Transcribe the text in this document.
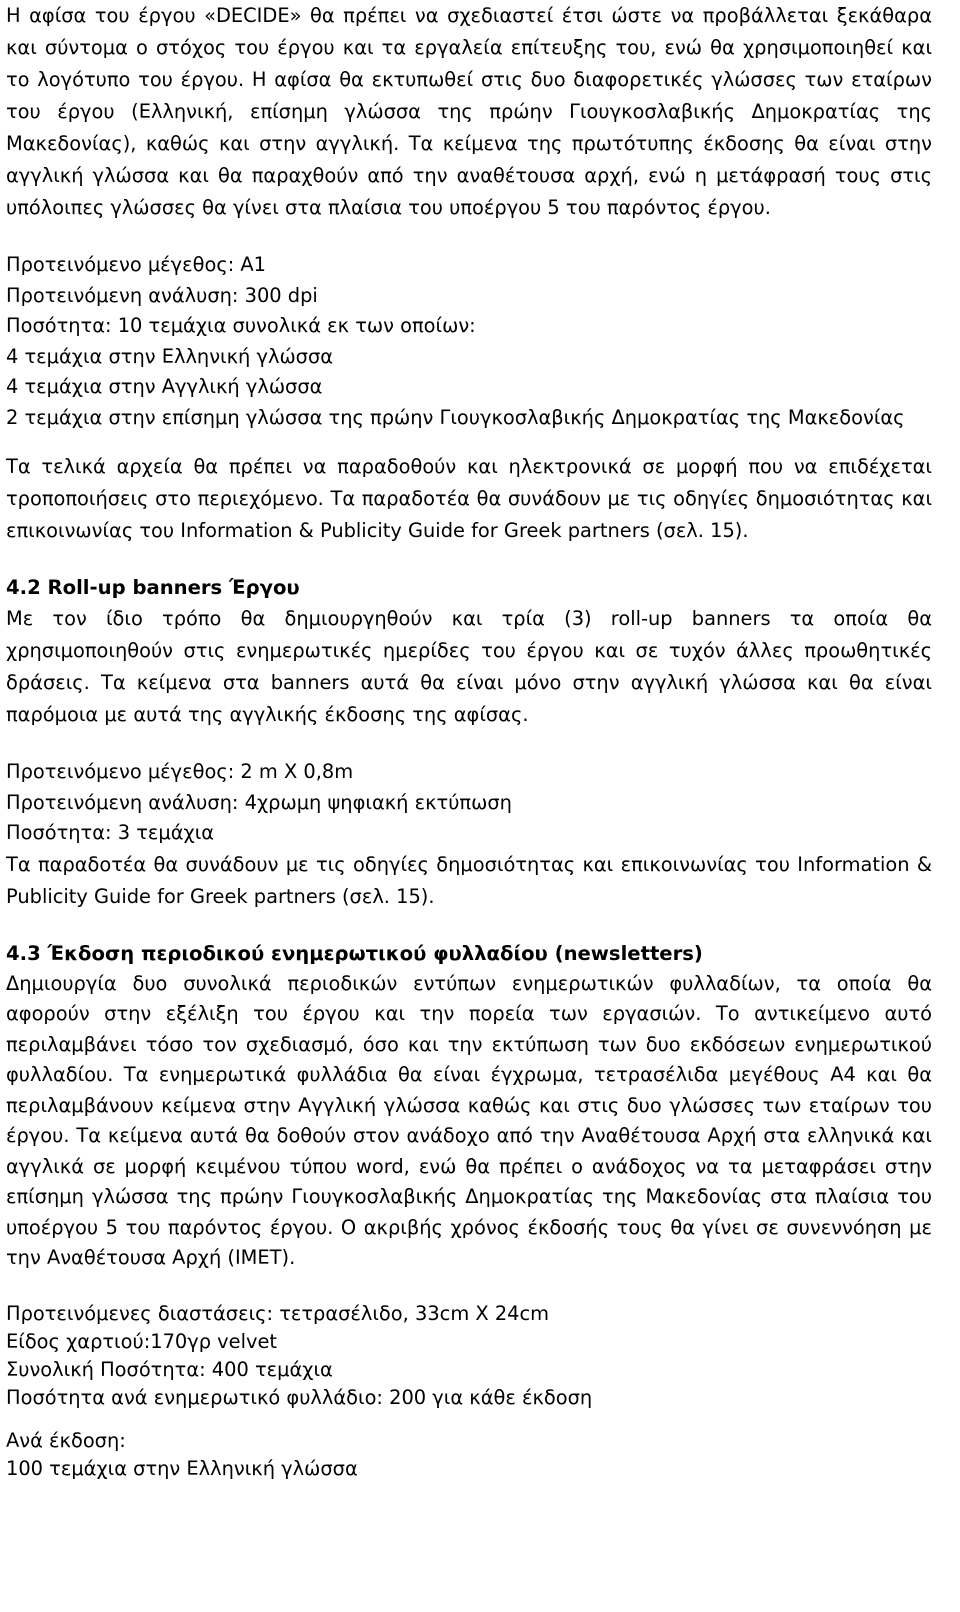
Η αφίσα του έργου «DECIDE» θα πρέπει να σχεδιαστεί έτσι ώστε να προβάλλεται ξεκάθαρα και σύντομα ο στόχος του έργου και τα εργαλεία επίτευξης του, ενώ θα χρησιμοποιηθεί και το λογότυπο του έργου. Η αφίσα θα εκτυπωθεί στις δυο διαφορετικές γλώσσες των εταίρων του έργου (Ελληνική, επίσημη γλώσσα της πρώην Γιουγκοσλαβικής Δημοκρατίας της Μακεδονίας), καθώς και στην αγγλική. Τα κείμενα της πρωτότυπης έκδοσης θα είναι στην αγγλική γλώσσα και θα παραχθούν από την αναθέτουσα αρχή, ενώ η μετάφρασή τους στις υπόλοιπες γλώσσες θα γίνει στα πλαίσια του υποέργου 5 του παρόντος έργου.

Προτεινόμενο μέγεθος: Α1

Προτεινόμενη ανάλυση: 300 dpi

Ποσότητα: 10 τεμάχια συνολικά εκ των οποίων:

4 τεμάχια στην Ελληνική γλώσσα

4 τεμάχια στην Αγγλική γλώσσα

2 τεμάχια στην επίσημη γλώσσα της πρώην Γιουγκοσλαβικής Δημοκρατίας της Μακεδονίας

Τα τελικά αρχεία θα πρέπει να παραδοθούν και ηλεκτρονικά σε μορφή που να επιδέχεται τροποποιήσεις στο περιεχόμενο. Τα παραδοτέα θα συνάδουν με τις οδηγίες δημοσιότητας και επικοινωνίας του Information & Publicity Guide for Greek partners (σελ. 15).

4.2 Roll-up banners Έργου

Με τον ίδιο τρόπο θα δημιουργηθούν και τρία (3) roll-up banners τα οποία θα χρησιμοποιηθούν στις ενημερωτικές ημερίδες του έργου και σε τυχόν άλλες προωθητικές δράσεις. Τα κείμενα στα banners αυτά θα είναι μόνο στην αγγλική γλώσσα και θα είναι παρόμοια με αυτά της αγγλικής έκδοσης της αφίσας.

Προτεινόμενο μέγεθος: 2 m X 0,8m

Προτεινόμενη ανάλυση: 4χρωμη ψηφιακή εκτύπωση

Ποσότητα: 3 τεμάχια

Τα παραδοτέα θα συνάδουν με τις οδηγίες δημοσιότητας και επικοινωνίας του Information & Publicity Guide for Greek partners (σελ. 15).

4.3 Έκδοση περιοδικού ενημερωτικού φυλλαδίου (newsletters)

Δημιουργία δυο συνολικά περιοδικών εντύπων ενημερωτικών φυλλαδίων, τα οποία θα αφορούν στην εξέλιξη του έργου και την πορεία των εργασιών. Το αντικείμενο αυτό περιλαμβάνει τόσο τον σχεδιασμό, όσο και την εκτύπωση των δυο εκδόσεων ενημερωτικού φυλλαδίου. Τα ενημερωτικά φυλλάδια θα είναι έγχρωμα, τετρασέλιδα μεγέθους Α4 και θα περιλαμβάνουν κείμενα στην Αγγλική γλώσσα καθώς και στις δυο γλώσσες των εταίρων του έργου. Τα κείμενα αυτά θα δοθούν στον ανάδοχο από την Αναθέτουσα Αρχή στα ελληνικά και αγγλικά σε μορφή κειμένου τύπου word, ενώ θα πρέπει ο ανάδοχος να τα μεταφράσει στην επίσημη γλώσσα της πρώην Γιουγκοσλαβικής Δημοκρατίας της Μακεδονίας στα πλαίσια του υποέργου 5 του παρόντος έργου. Ο ακριβής χρόνος έκδοσής τους θα γίνει σε συνεννόηση με την Αναθέτουσα Αρχή (ΙΜΕΤ).

Προτεινόμενες διαστάσεις: τετρασέλιδο, 33cm X 24cm

Είδος χαρτιού:170γρ velvet

Συνολική Ποσότητα: 400 τεμάχια

Ποσότητα ανά ενημερωτικό φυλλάδιο: 200 για κάθε έκδοση

Ανά έκδοση:

100 τεμάχια στην Ελληνική γλώσσα
